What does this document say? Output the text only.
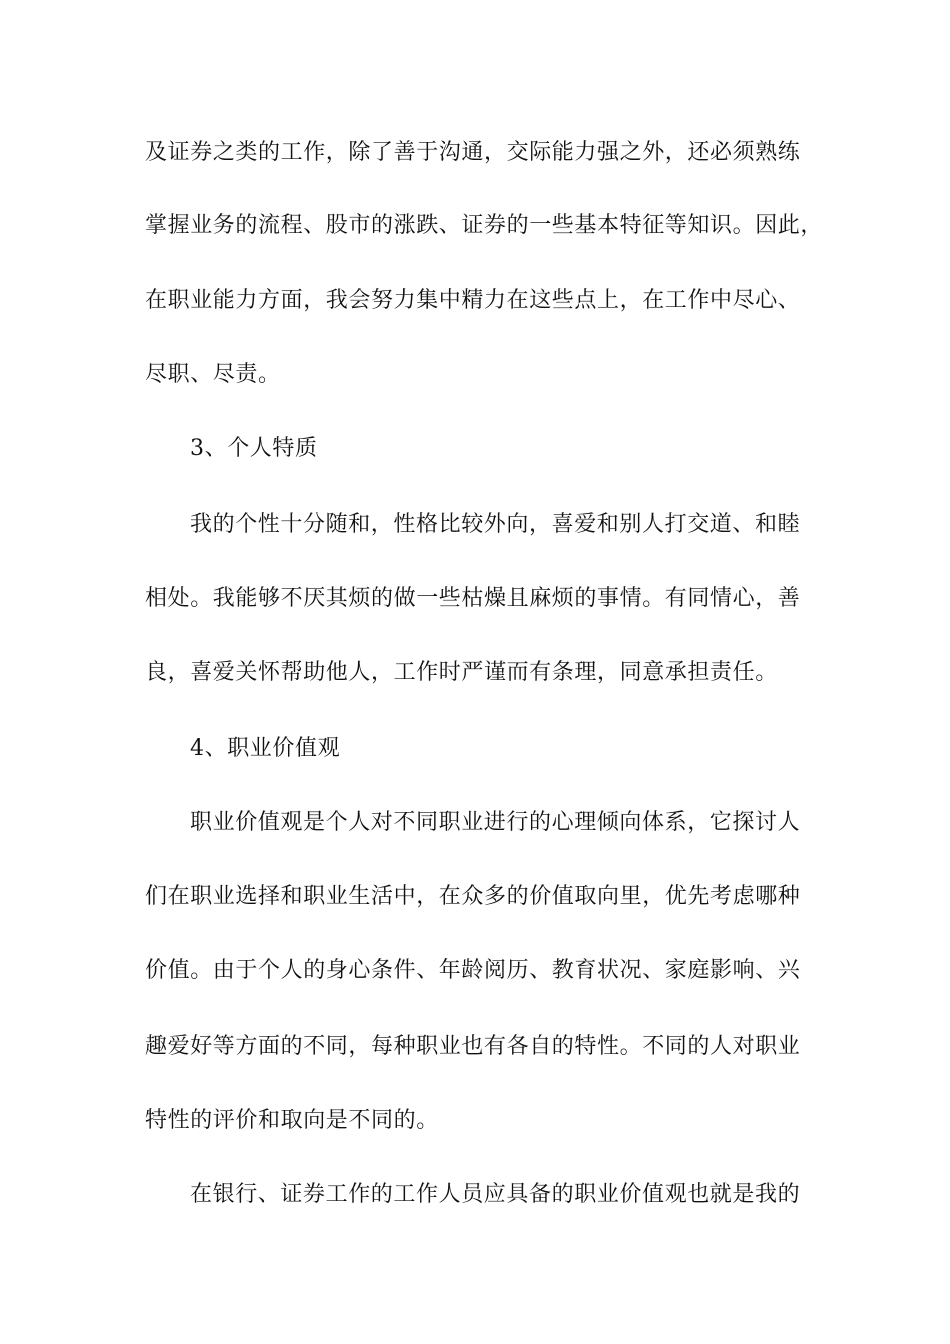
及证券之类的工作，除了善于沟通，交际能力强之外，还必须熟练
掌握业务的流程、股市的涨跌、证券的一些基本特征等知识。因此，
在职业能力方面，我会努力集中精力在这些点上，在工作中尽心、
尽职、尽责。
3、个人特质
我的个性十分随和，性格比较外向，喜爱和别人打交道、和睦
相处。我能够不厌其烦的做一些枯燥且麻烦的事情。有同情心，善
良，喜爱关怀帮助他人，工作时严谨而有条理，同意承担责任。
4、职业价值观
职业价值观是个人对不同职业进行的心理倾向体系，它探讨人
们在职业选择和职业生活中，在众多的价值取向里，优先考虑哪种
价值。由于个人的身心条件、年龄阅历、教育状况、家庭影响、兴
趣爱好等方面的不同，每种职业也有各自的特性。不同的人对职业
特性的评价和取向是不同的。
在银行、证券工作的工作人员应具备的职业价值观也就是我的
